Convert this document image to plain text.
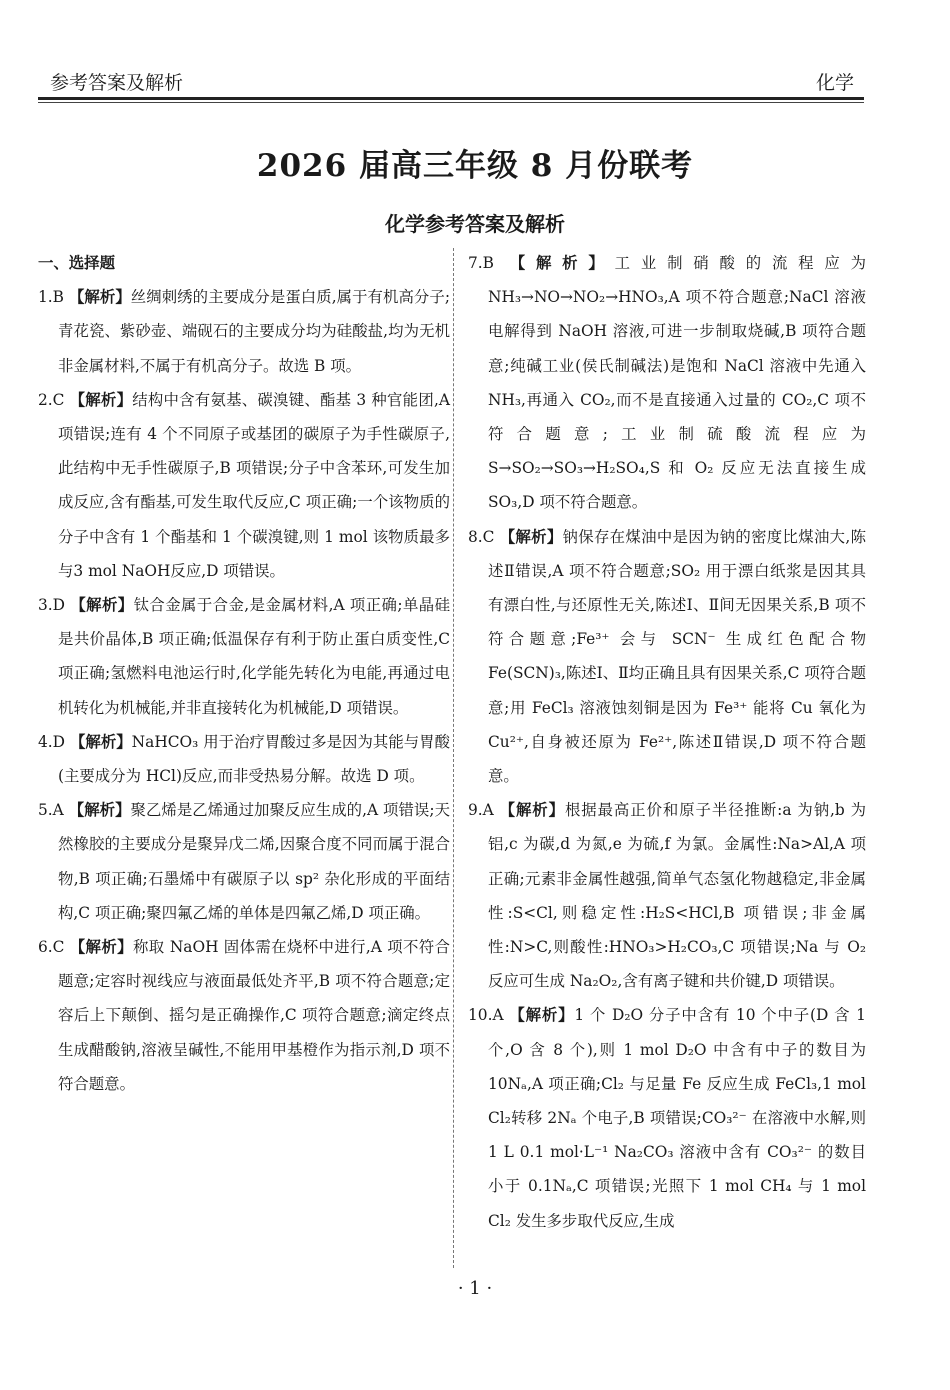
参考答案及解析	化学
2026 届高三年级 8 月份联考
化学参考答案及解析
一、选择题

1.B 【解析】丝绸刺绣的主要成分是蛋白质,属于有机高分子;青花瓷、紫砂壶、端砚石的主要成分均为硅酸盐,均为无机非金属材料,不属于有机高分子。故选 B 项。

2.C 【解析】结构中含有氨基、碳溴键、酯基 3 种官能团,A 项错误;连有 4 个不同原子或基团的碳原子为手性碳原子,此结构中无手性碳原子,B 项错误;分子中含苯环,可发生加成反应,含有酯基,可发生取代反应,C 项正确;一个该物质的分子中含有 1 个酯基和 1 个碳溴键,则 1 mol 该物质最多与3 mol NaOH反应,D 项错误。

3.D 【解析】钛合金属于合金,是金属材料,A 项正确;单晶硅是共价晶体,B 项正确;低温保存有利于防止蛋白质变性,C 项正确;氢燃料电池运行时,化学能先转化为电能,再通过电机转化为机械能,并非直接转化为机械能,D 项错误。

4.D 【解析】NaHCO₃ 用于治疗胃酸过多是因为其能与胃酸(主要成分为 HCl)反应,而非受热易分解。故选 D 项。

5.A 【解析】聚乙烯是乙烯通过加聚反应生成的,A 项错误;天然橡胶的主要成分是聚异戊二烯,因聚合度不同而属于混合物,B 项正确;石墨烯中有碳原子以 sp² 杂化形成的平面结构,C 项正确;聚四氟乙烯的单体是四氟乙烯,D 项正确。

6.C 【解析】称取 NaOH 固体需在烧杯中进行,A 项不符合题意;定容时视线应与液面最低处齐平,B 项不符合题意;定容后上下颠倒、摇匀是正确操作,C 项符合题意;滴定终点生成醋酸钠,溶液呈碱性,不能用甲基橙作为指示剂,D 项不符合题意。

7.B 【解析】工业制硝酸的流程应为 NH₃→NO→NO₂→HNO₃,A 项不符合题意;NaCl 溶液电解得到 NaOH 溶液,可进一步制取烧碱,B 项符合题意;纯碱工业(侯氏制碱法)是饱和 NaCl 溶液中先通入 NH₃,再通入 CO₂,而不是直接通入过量的 CO₂,C 项不符合题意;工业制硫酸流程应为 S→SO₂→SO₃→H₂SO₄,S 和 O₂ 反应无法直接生成 SO₃,D 项不符合题意。

8.C 【解析】钠保存在煤油中是因为钠的密度比煤油大,陈述Ⅱ错误,A 项不符合题意;SO₂ 用于漂白纸浆是因其具有漂白性,与还原性无关,陈述Ⅰ、Ⅱ间无因果关系,B 项不符合题意;Fe³⁺ 会与 SCN⁻ 生成红色配合物 Fe(SCN)₃,陈述Ⅰ、Ⅱ均正确且具有因果关系,C 项符合题意;用 FeCl₃ 溶液蚀刻铜是因为 Fe³⁺ 能将 Cu 氧化为 Cu²⁺,自身被还原为 Fe²⁺,陈述Ⅱ错误,D 项不符合题意。

9.A 【解析】根据最高正价和原子半径推断:a 为钠,b 为铝,c 为碳,d 为氮,e 为硫,f 为氯。金属性:Na>Al,A 项正确;元素非金属性越强,简单气态氢化物越稳定,非金属性:S<Cl,则稳定性:H₂S<HCl,B 项错误;非金属性:N>C,则酸性:HNO₃>H₂CO₃,C 项错误;Na 与 O₂ 反应可生成 Na₂O₂,含有离子键和共价键,D 项错误。

10.A 【解析】1 个 D₂O 分子中含有 10 个中子(D 含 1 个,O 含 8 个),则 1 mol D₂O 中含有中子的数目为 10Nₐ,A 项正确;Cl₂ 与足量 Fe 反应生成 FeCl₃,1 mol Cl₂转移 2Nₐ 个电子,B 项错误;CO₃²⁻ 在溶液中水解,则 1 L 0.1 mol·L⁻¹ Na₂CO₃ 溶液中含有 CO₃²⁻ 的数目小于 0.1Nₐ,C 项错误;光照下 1 mol CH₄ 与 1 mol Cl₂ 发生多步取代反应,生成

· 1 ·
